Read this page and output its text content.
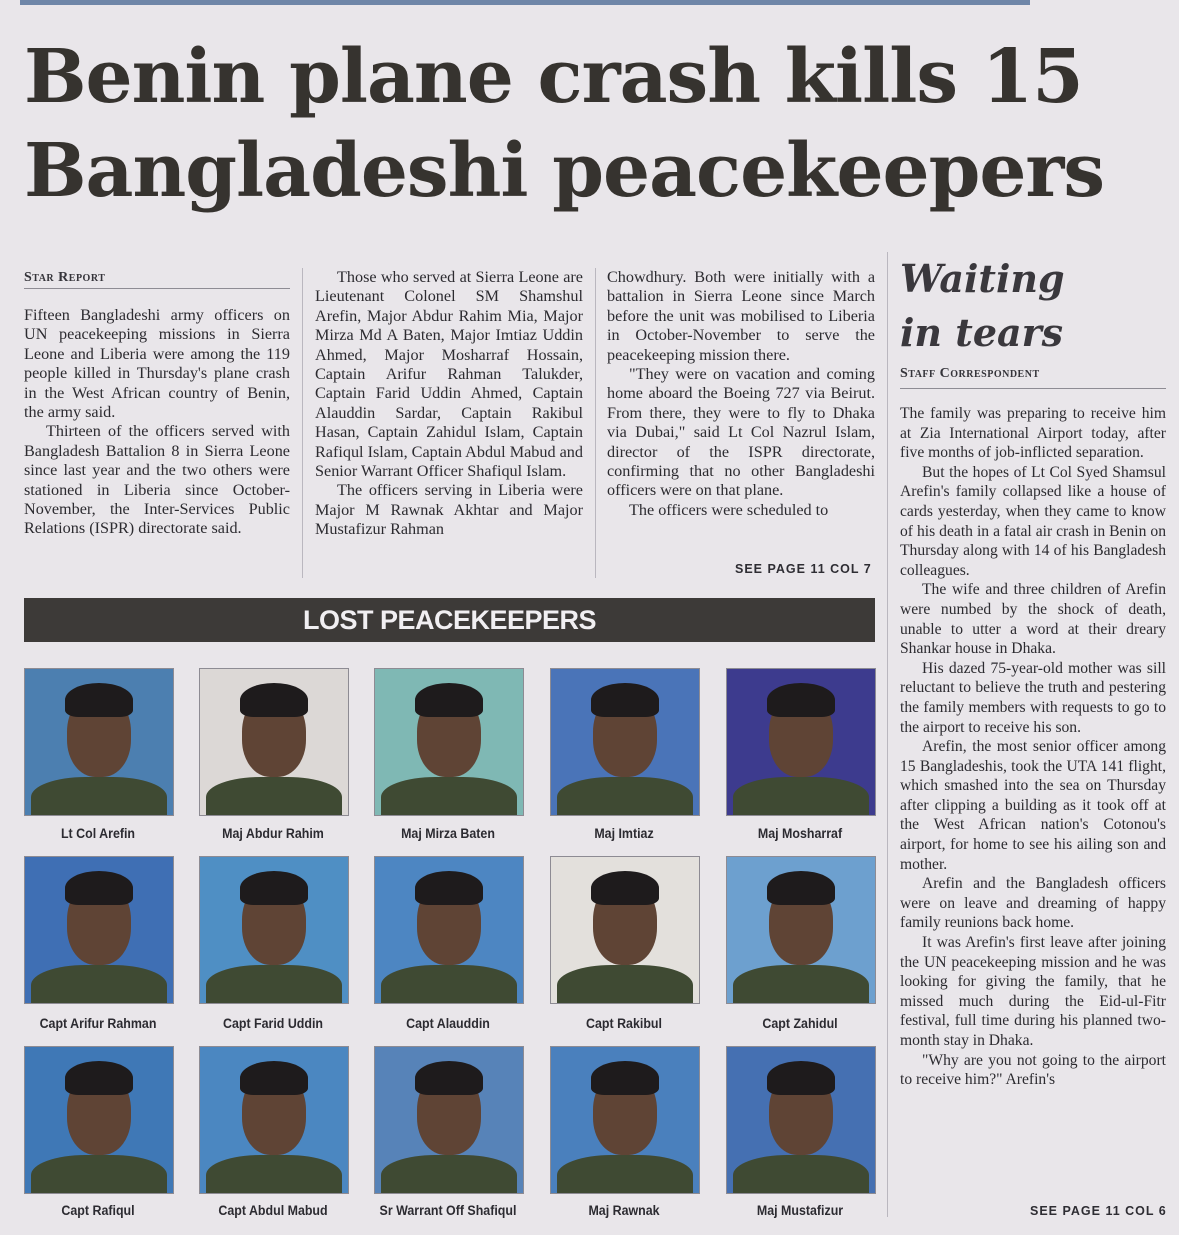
Benin plane crash kills 15
Bangladeshi peacekeepers
Star Report

Fifteen Bangladeshi army officers on UN peacekeeping missions in Sierra Leone and Liberia were among the 119 people killed in Thursday's plane crash in the West African country of Benin, the army said.

Thirteen of the officers served with Bangladesh Battalion 8 in Sierra Leone since last year and the two others were stationed in Liberia since October-November, the Inter-Services Public Relations (ISPR) directorate said.

Those who served at Sierra Leone are Lieutenant Colonel SM Shamshul Arefin, Major Abdur Rahim Mia, Major Mirza Md A Baten, Major Imtiaz Uddin Ahmed, Major Mosharraf Hossain, Captain Arifur Rahman Talukder, Captain Farid Uddin Ahmed, Captain Alauddin Sardar, Captain Rakibul Hasan, Captain Zahidul Islam, Captain Rafiqul Islam, Captain Abdul Mabud and Senior Warrant Officer Shafiqul Islam.

The officers serving in Liberia were Major M Rawnak Akhtar and Major Mustafizur Rahman

Chowdhury. Both were initially with a battalion in Sierra Leone since March before the unit was mobilised to Liberia in October-November to serve the peacekeeping mission there.

"They were on vacation and coming home aboard the Boeing 727 via Beirut. From there, they were to fly to Dhaka via Dubai," said Lt Col Nazrul Islam, director of the ISPR directorate, confirming that no other Bangladeshi officers were on that plane.

The officers were scheduled to

SEE PAGE 11 COL 7
Waiting
in tears
Staff Correspondent

The family was preparing to receive him at Zia International Airport today, after five months of job-inflicted separation.

But the hopes of Lt Col Syed Shamsul Arefin's family collapsed like a house of cards yesterday, when they came to know of his death in a fatal air crash in Benin on Thursday along with 14 of his Bangladesh colleagues.

The wife and three children of Arefin were numbed by the shock of death, unable to utter a word at their dreary Shankar house in Dhaka.

His dazed 75-year-old mother was sill reluctant to believe the truth and pestering the family members with requests to go to the airport to receive his son.

Arefin, the most senior officer among 15 Bangladeshis, took the UTA 141 flight, which smashed into the sea on Thursday after clipping a building as it took off at the West African nation's Cotonou's airport, for home to see his ailing son and mother.

Arefin and the Bangladesh officers were on leave and dreaming of happy family reunions back home.

It was Arefin's first leave after joining the UN peacekeeping mission and he was looking for giving the family, that he missed much during the Eid-ul-Fitr festival, full time during his planned two-month stay in Dhaka.

"Why are you not going to the airport to receive him?" Arefin's

SEE PAGE 11 COL 6
LOST PEACEKEEPERS
Lt Col Arefin	Maj Abdur Rahim	Maj Mirza Baten	Maj Imtiaz	Maj Mosharraf
Capt Arifur Rahman	Capt Farid Uddin	Capt Alauddin	Capt Rakibul	Capt Zahidul
Capt Rafiqul	Capt Abdul Mabud	Sr Warrant Off Shafiqul	Maj Rawnak	Maj Mustafizur
